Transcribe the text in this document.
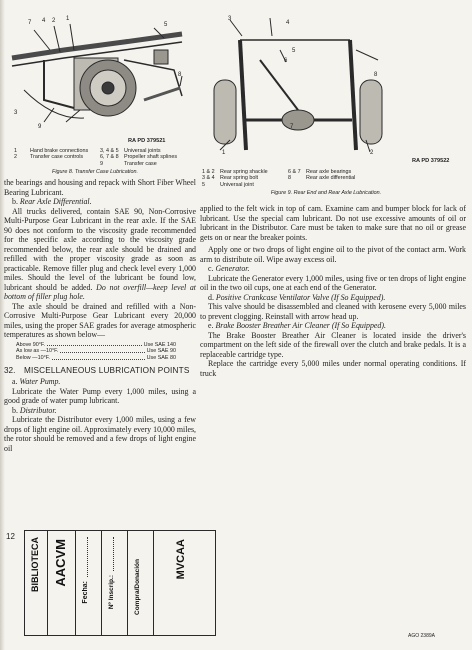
7 4 2 1
5
3
9
8
RA PD 379521
1	Hand brake connections 3, 4 & 5	Universal joints
2	Transfer case controls	6, 7 & 8	Propeller shaft splines
9	Transfer case
Figure 8. Transfer Case Lubrication.

the bearings and housing and repack with Short Fiber Wheel Bearing Lubricant.

b. Rear Axle Differential.

All trucks delivered, contain SAE 90, Non-Corrosive Multi-Purpose Gear Lubricant in the rear axle. If the SAE 90 does not conform to the viscosity grade recommended for the specific axle according to the viscosity grade recommended below, the rear axle should be drained and refilled with the proper viscosity grade as soon as practicable. Remove filler plug and check level every 1,000 miles. Should the level of the lubricant be found low, lubricant should be added. Do not overfill—keep level at bottom of filler plug hole.

The axle should be drained and refilled with a Non-Corrosive Multi-Purpose Gear Lubricant every 20,000 miles, using the proper SAE grades for average atmospheric temperatures as shown below—

Above 90°F.	Use SAE 140
As low as —10°F.	Use SAE 90
Below —10°F.	Use SAE 80
32.	MISCELLANEOUS LUBRICATION POINTS

a. Water Pump.

Lubricate the Water Pump every 1,000 miles, using a good grade of water pump lubricant.

b. Distributor.

Lubricate the Distributor every 1,000 miles, using a few drops of light engine oil. Approximately every 10,000 miles, the rotor should be removed and a few drops of light engine oil

3
4
5
6
7
1	2
8
RA PD 379522
1 & 2	Rear spring shackle	6 & 7	Rear axle bearings
3 & 4	Rear spring bolt	8	Rear axle differential
5	Universal joint
Figure 9. Rear End and Rear Axle Lubrication.

applied to the felt wick in top of cam. Examine cam and bumper block for lack of lubricant. Use the special cam lubricant. Do not use excessive amounts of oil or lubricant in the Distributor. Care must be taken to make sure that no oil or grease gets on or near the breaker points.

Apply one or two drops of light engine oil to the pivot of the contact arm. Work arm to distribute oil. Wipe away excess oil.

c. Generator.

Lubricate the Generator every 1,000 miles, using five or ten drops of light engine oil in the two oil cups, one at each end of the Generator.

d. Positive Crankcase Ventilator Valve (If So Equipped).

This valve should be disassembled and cleaned with kerosene every 5,000 miles to prevent clogging. Reinstall with arrow head up.

e. Brake Booster Breather Air Cleaner (If So Equipped).

The Brake Booster Breather Air Cleaner is located inside the driver's compartment on the left side of the firewall over the clutch and brake pedals. It is a replaceable cartridge type.

Replace the cartridge every 5,000 miles under normal operating conditions. If truck

12
BIBLIOTECA AACVM
Fecha:	Nº Inscrip.:	Compra/Donación	MVCAA
AGO 2389A
